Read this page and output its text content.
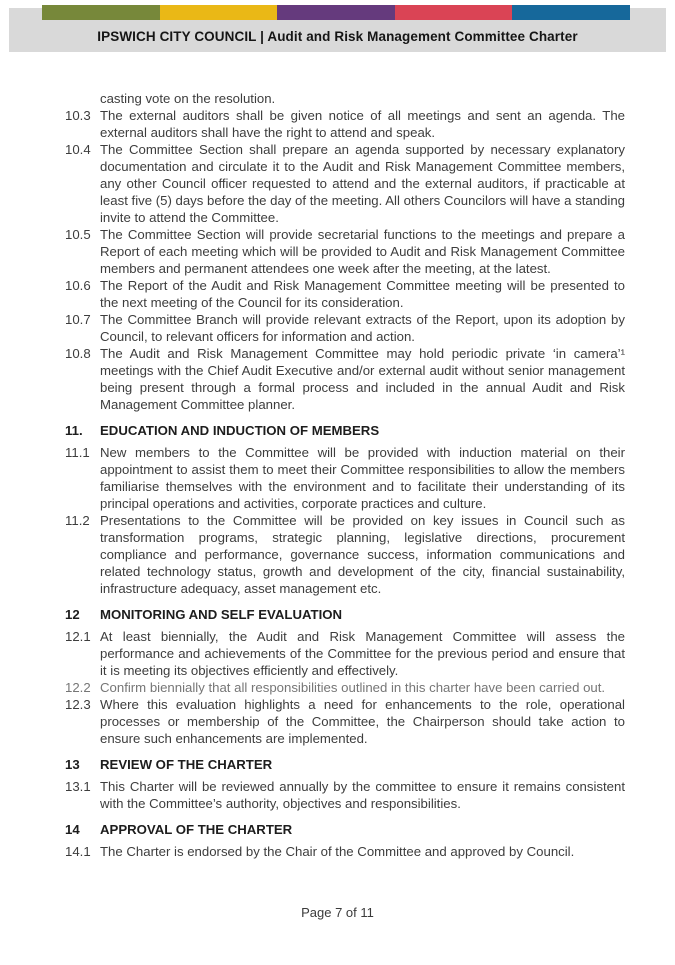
IPSWICH CITY COUNCIL | Audit and Risk Management Committee Charter
casting vote on the resolution.
10.3 The external auditors shall be given notice of all meetings and sent an agenda. The external auditors shall have the right to attend and speak.
10.4 The Committee Section shall prepare an agenda supported by necessary explanatory documentation and circulate it to the Audit and Risk Management Committee members, any other Council officer requested to attend and the external auditors, if practicable at least five (5) days before the day of the meeting. All others Councilors will have a standing invite to attend the Committee.
10.5 The Committee Section will provide secretarial functions to the meetings and prepare a Report of each meeting which will be provided to Audit and Risk Management Committee members and permanent attendees one week after the meeting, at the latest.
10.6 The Report of the Audit and Risk Management Committee meeting will be presented to the next meeting of the Council for its consideration.
10.7 The Committee Branch will provide relevant extracts of the Report, upon its adoption by Council, to relevant officers for information and action.
10.8 The Audit and Risk Management Committee may hold periodic private ‘in camera’¹ meetings with the Chief Audit Executive and/or external audit without senior management being present through a formal process and included in the annual Audit and Risk Management Committee planner.
11.	EDUCATION AND INDUCTION OF MEMBERS
11.1 New members to the Committee will be provided with induction material on their appointment to assist them to meet their Committee responsibilities to allow the members familiarise themselves with the environment and to facilitate their understanding of its principal operations and activities, corporate practices and culture.
11.2 Presentations to the Committee will be provided on key issues in Council such as transformation programs, strategic planning, legislative directions, procurement compliance and performance, governance success, information communications and related technology status, growth and development of the city, financial sustainability, infrastructure adequacy, asset management etc.
12	MONITORING AND SELF EVALUATION
12.1 At least biennially, the Audit and Risk Management Committee will assess the performance and achievements of the Committee for the previous period and ensure that it is meeting its objectives efficiently and effectively.
12.2 Confirm biennially that all responsibilities outlined in this charter have been carried out.
12.3 Where this evaluation highlights a need for enhancements to the role, operational processes or membership of the Committee, the Chairperson should take action to ensure such enhancements are implemented.
13	REVIEW OF THE CHARTER
13.1 This Charter will be reviewed annually by the committee to ensure it remains consistent with the Committee’s authority, objectives and responsibilities.
14	APPROVAL OF THE CHARTER
14.1 The Charter is endorsed by the Chair of the Committee and approved by Council.
Page 7 of 11
